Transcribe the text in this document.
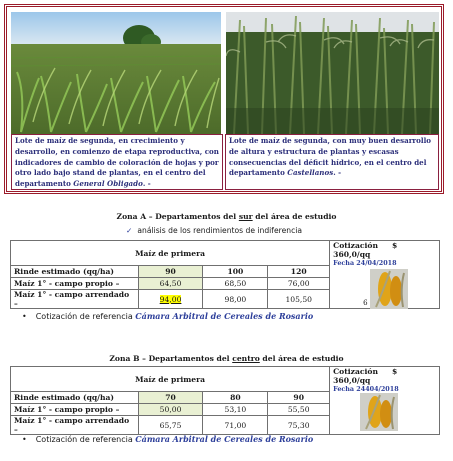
Lote de maíz de segunda, en crecimiento y desarrollo, en comienzo de etapa reproductiva, con indicadores de cambio de coloración de hojas y por otro lado bajo stand de plantas, en el centro del departamento General Obligado. -
Lote de maíz de segunda, con muy buen desarrollo de altura y estructura de plantas y escasas consecuencias del déficit hídrico, en el centro del departamento Castellanos. -
Zona A – Departamentos del sur del área de estudio
✓ análisis de los rendimientos de indiferencia
Maíz de primera				Cotización $ 360,0/qq
Fecha 24/04/2018
6

Rinde estimado (qq/ha)	90	100	120	
Maíz 1° - campo propio –	64,50	68,50	76,00	
Maíz 1° - campo arrendado –	94,00	98,00	105,50	
• Cotización de referencia Cámara Arbitral de Cereales de Rosario
Zona B – Departamentos del centro del área de estudio
Maíz de primera				Cotización $ 360,0/qq
Fecha 24404/2018

Rinde estimado (qq/ha)	70	80	90	
Maíz 1° - campo propio –	50,00	53,10	55,50	
Maíz 1° - campo arrendado –	65,75	71,00	75,30	
• Cotización de referencia Cámara Arbitral de Cereales de Rosario
